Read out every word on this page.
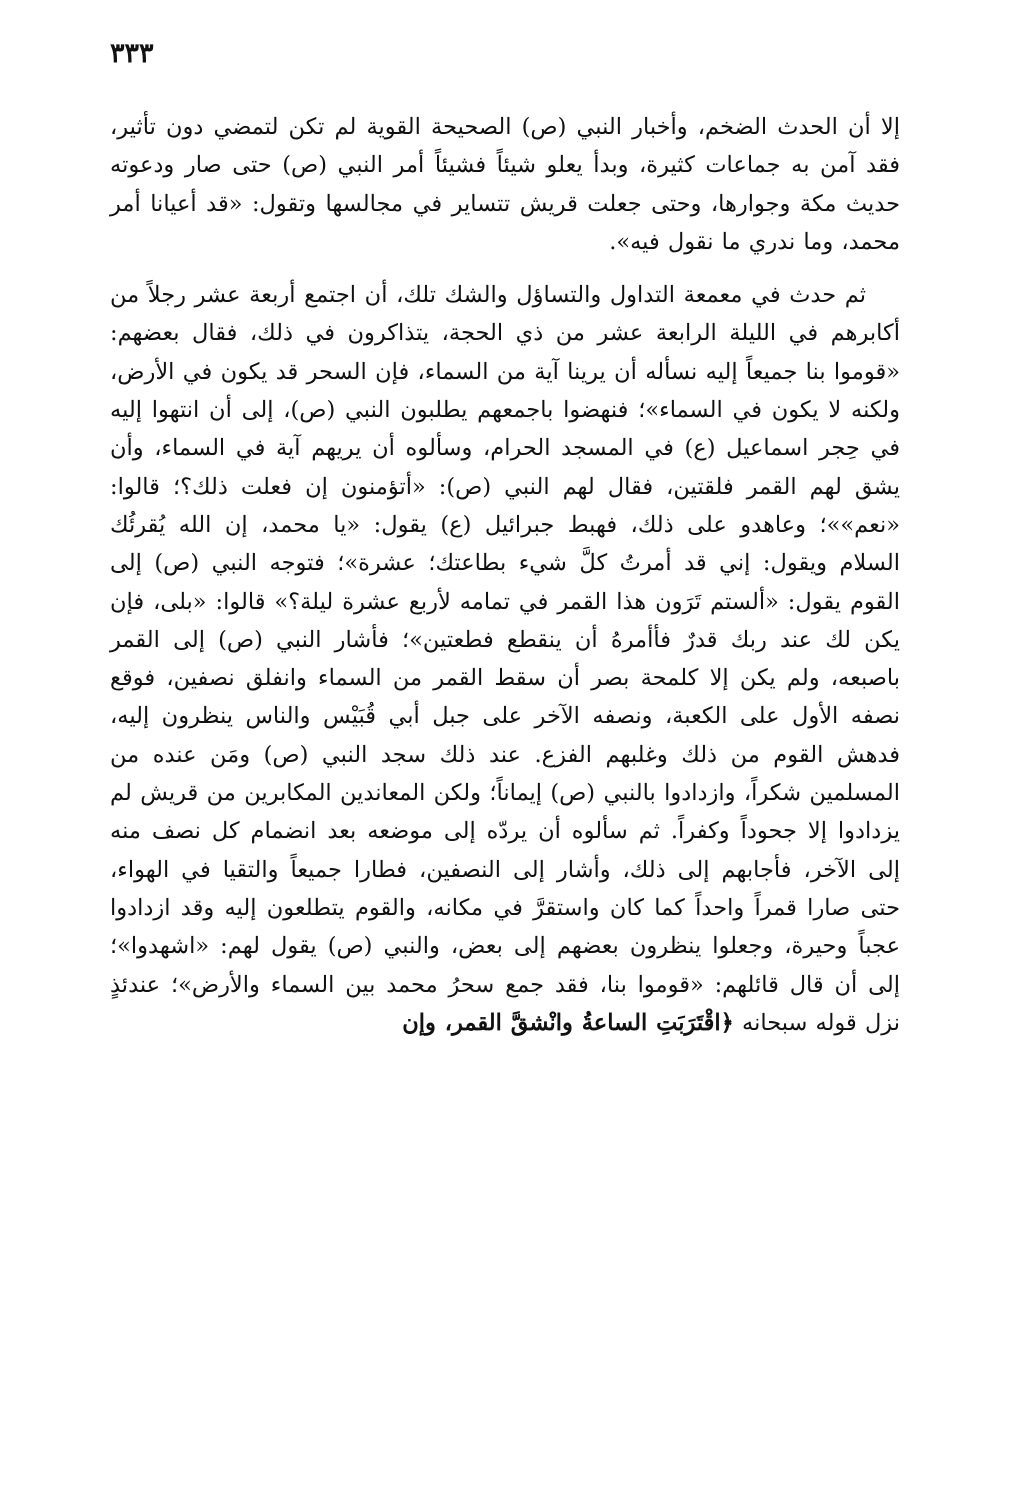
٣٣٣

إلا أن الحدث الضخم، وأخبار النبي (ص) الصحيحة القوية لم تكن لتمضي دون تأثير، فقد آمن به جماعات كثيرة، وبدأ يعلو شيئاً فشيئاً أمر النبي (ص) حتى صار ودعوته حديث مكة وجوارها، وحتى جعلت قريش تتساير في مجالسها وتقول: «قد أعيانا أمر محمد، وما ندري ما نقول فيه».

ثم حدث في معمعة التداول والتساؤل والشك تلك، أن اجتمع أربعة عشر رجلاً من أكابرهم في الليلة الرابعة عشر من ذي الحجة، يتذاكرون في ذلك، فقال بعضهم: «قوموا بنا جميعاً إليه نسأله أن يرينا آية من السماء، فإن السحر قد يكون في الأرض، ولكنه لا يكون في السماء»؛ فنهضوا باجمعهم يطلبون النبي (ص)، إلى أن انتهوا إليه في حِجر اسماعيل (ع) في المسجد الحرام، وسألوه أن يريهم آية في السماء، وأن يشق لهم القمر فلقتين، فقال لهم النبي (ص): «أتؤمنون إن فعلت ذلك؟؛ قالوا: «نعم»»؛ وعاهدو على ذلك، فهبط جبرائيل (ع) يقول: «يا محمد، إن الله يُقرئُك السلام ويقول: إني قد أمرتُ كلَّ شيء بطاعتك؛ عشرة»؛ فتوجه النبي (ص) إلى القوم يقول: «ألستم تَرَون هذا القمر في تمامه لأربع عشرة ليلة؟» قالوا: «بلى، فإن يكن لك عند ربك قدرٌ فأأمرهُ أن ينقطع فطعتين»؛ فأشار النبي (ص) إلى القمر باصبعه، ولم يكن إلا كلمحة بصر أن سقط القمر من السماء وانفلق نصفين، فوقع نصفه الأول على الكعبة، ونصفه الآخر على جبل أبي قُبَيْس والناس ينظرون إليه، فدهش القوم من ذلك وغلبهم الفزع. عند ذلك سجد النبي (ص) ومَن عنده من المسلمين شكراً، وازدادوا بالنبي (ص) إيماناً؛ ولكن المعاندين المكابرين من قريش لم يزدادوا إلا جحوداً وكفراً. ثم سألوه أن يردّه إلى موضعه بعد انضمام كل نصف منه إلى الآخر، فأجابهم إلى ذلك، وأشار إلى النصفين، فطارا جميعاً والتقيا في الهواء، حتى صارا قمراً واحداً كما كان واستقرَّ في مكانه، والقوم يتطلعون إليه وقد ازدادوا عجباً وحيرة، وجعلوا ينظرون بعضهم إلى بعض، والنبي (ص) يقول لهم: «اشهدوا»؛ إلى أن قال قائلهم: «قوموا بنا، فقد جمع سحرُ محمد بين السماء والأرض»؛ عندئذٍ نزل قوله سبحانه ﴿اقْتَرَبَتِ الساعةُ وانْشقَّ القمر، وإن
